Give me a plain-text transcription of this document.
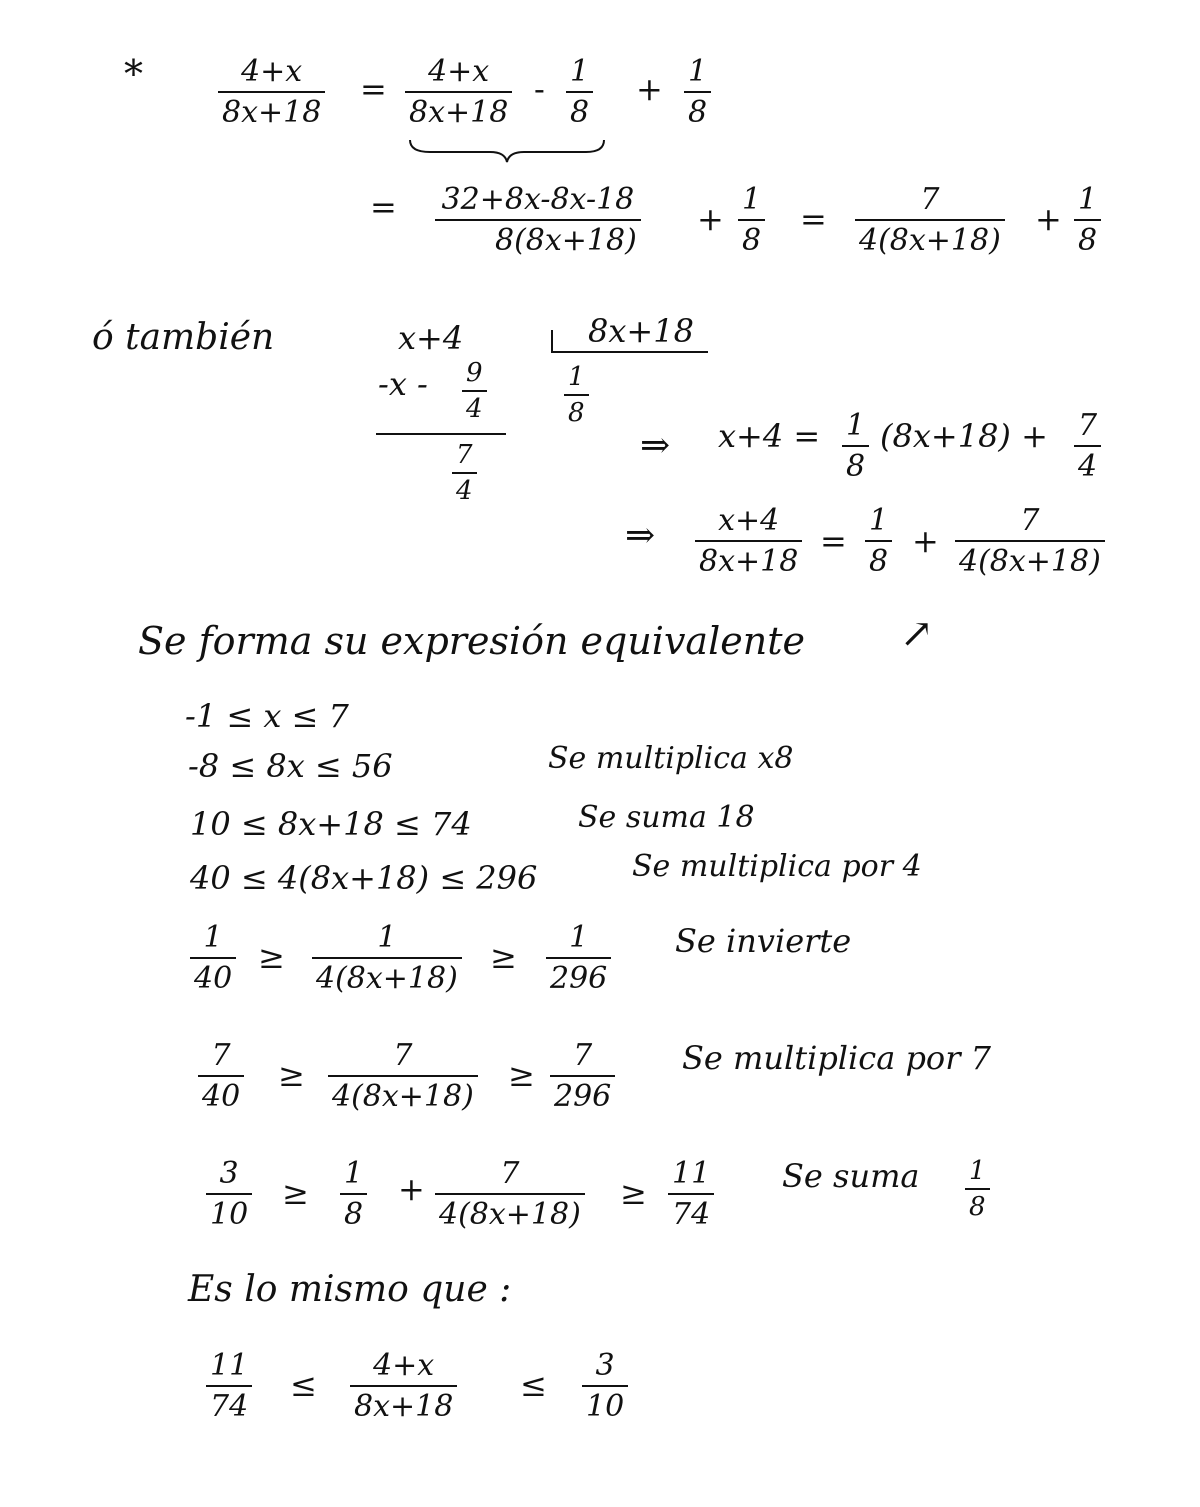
*	4+x
8x+18
= 4+x
8x+18
- 1
8
+ 1
8
= 32+8x-8x-18
8(8x+18)
+
1
8
=
7
4(8x+18)
+
1
8
ó también	x+4	8x+18
-x - 9
4
1
8
7
4
⇒ x+4 = 1
8
(8x+18) + 7
4
⇒ x+4
8x+18
=
1
8
+
7
4(8x+18)
Se forma su expresión equivalente ↗
-1 ≤ x ≤ 7
-8 ≤ 8x ≤ 56	Se multiplica x8
10 ≤ 8x+18 ≤ 74	Se suma 18
40 ≤ 4(8x+18) ≤ 296	Se multiplica por 4
1
40
≥
1
4(8x+18)
≥
1
296
Se invierte
7
40
≥
7
4(8x+18)
≥
7
296
Se multiplica por 7
3
10
≥
1
8
+	7
4(8x+18)
≥
11
74
Se suma 1
8
Es lo mismo que :
11
74
≤
4+x
8x+18
≤
3
10
